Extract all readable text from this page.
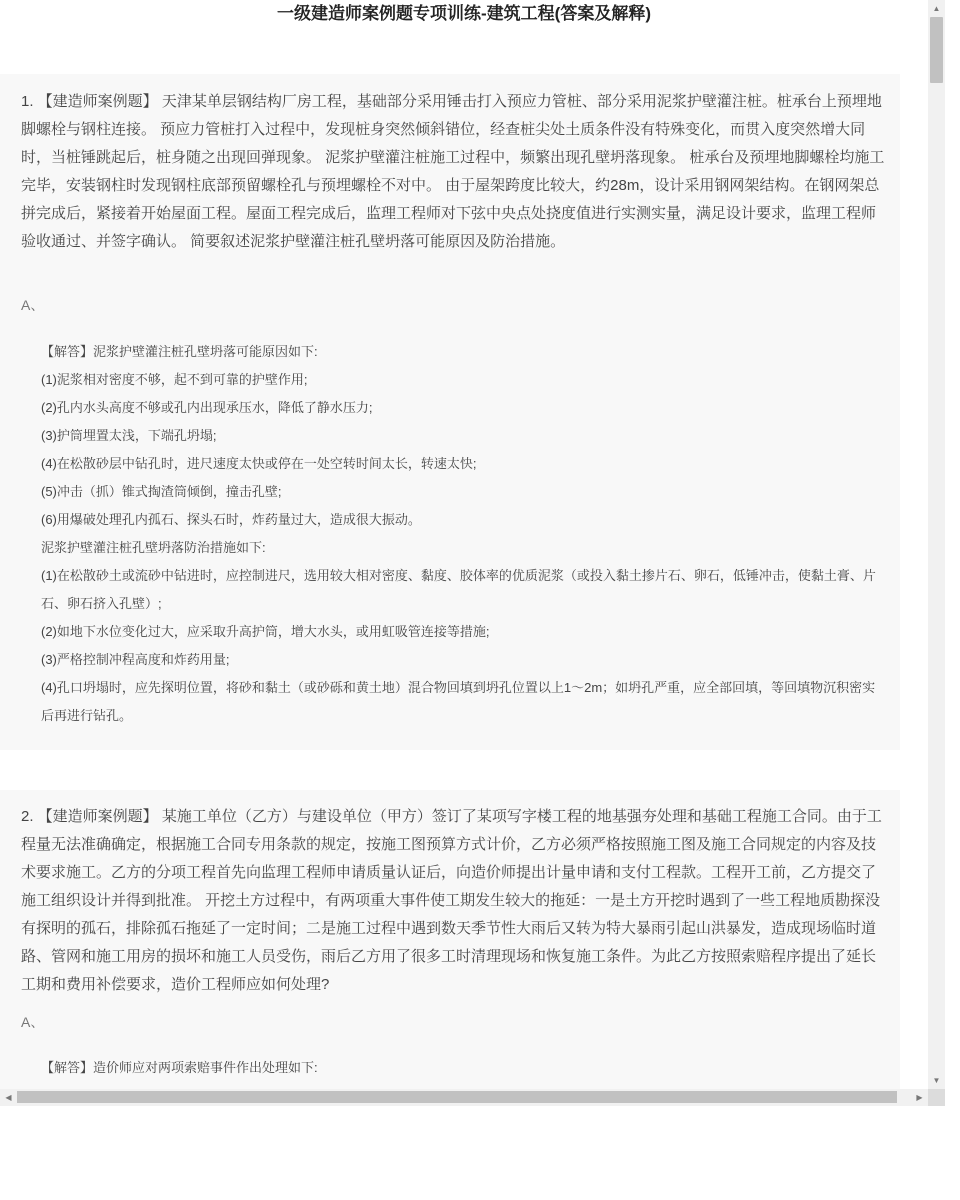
一级建造师案例题专项训练-建筑工程(答案及解释)

1. 【建造师案例题】 天津某单层钢结构厂房工程，基础部分采用锤击打入预应力管桩、部分采用泥浆护壁灌注桩。桩承台上预埋地脚螺栓与钢柱连接。 预应力管桩打入过程中，发现桩身突然倾斜错位，经查桩尖处土质条件没有特殊变化，而贯入度突然增大同时，当桩锤跳起后，桩身随之出现回弹现象。 泥浆护壁灌注桩施工过程中，频繁出现孔壁坍落现象。 桩承台及预埋地脚螺栓均施工完毕，安装钢柱时发现钢柱底部预留螺栓孔与预埋螺栓不对中。 由于屋架跨度比较大，约28m，设计采用钢网架结构。在钢网架总拼完成后，紧接着开始屋面工程。屋面工程完成后，监理工程师对下弦中央点处挠度值进行实测实量，满足设计要求，监理工程师验收通过、并签字确认。 简要叙述泥浆护壁灌注桩孔壁坍落可能原因及防治措施。

A、

【解答】泥浆护壁灌注桩孔壁坍落可能原因如下:

(1)泥浆相对密度不够，起不到可靠的护壁作用;

(2)孔内水头高度不够或孔内出现承压水，降低了静水压力;

(3)护筒埋置太浅，下端孔坍塌;

(4)在松散砂层中钻孔时，进尺速度太快或停在一处空转时间太长，转速太快;

(5)冲击（抓）锥式掏渣筒倾倒，撞击孔壁;

(6)用爆破处理孔内孤石、探头石时，炸药量过大，造成很大振动。

泥浆护壁灌注桩孔壁坍落防治措施如下:

(1)在松散砂土或流砂中钻进时，应控制进尺，选用较大相对密度、黏度、胶体率的优质泥浆（或投入黏土掺片石、卵石，低锤冲击，使黏土膏、片石、卵石挤入孔壁）;

(2)如地下水位变化过大，应采取升高护筒，增大水头，或用虹吸管连接等措施;

(3)严格控制冲程高度和炸药用量;

(4)孔口坍塌时，应先探明位置，将砂和黏土（或砂砾和黄土地）混合物回填到坍孔位置以上1～2m；如坍孔严重，应全部回填，等回填物沉积密实后再进行钻孔。

2. 【建造师案例题】 某施工单位（乙方）与建设单位（甲方）签订了某项写字楼工程的地基强夯处理和基础工程施工合同。由于工程量无法准确确定，根据施工合同专用条款的规定，按施工图预算方式计价，乙方必须严格按照施工图及施工合同规定的内容及技术要求施工。乙方的分项工程首先向监理工程师申请质量认证后，向造价师提出计量申请和支付工程款。工程开工前，乙方提交了施工组织设计并得到批准。 开挖土方过程中，有两项重大事件使工期发生较大的拖延：一是土方开挖时遇到了一些工程地质勘探没有探明的孤石，排除孤石拖延了一定时间；二是施工过程中遇到数天季节性大雨后又转为特大暴雨引起山洪暴发，造成现场临时道路、管网和施工用房的损坏和施工人员受伤，雨后乙方用了很多工时清理现场和恢复施工条件。为此乙方按照索赔程序提出了延长工期和费用补偿要求，造价工程师应如何处理?

A、

【解答】造价师应对两项索赔事件作出处理如下:

▲
▼
◀	▶
